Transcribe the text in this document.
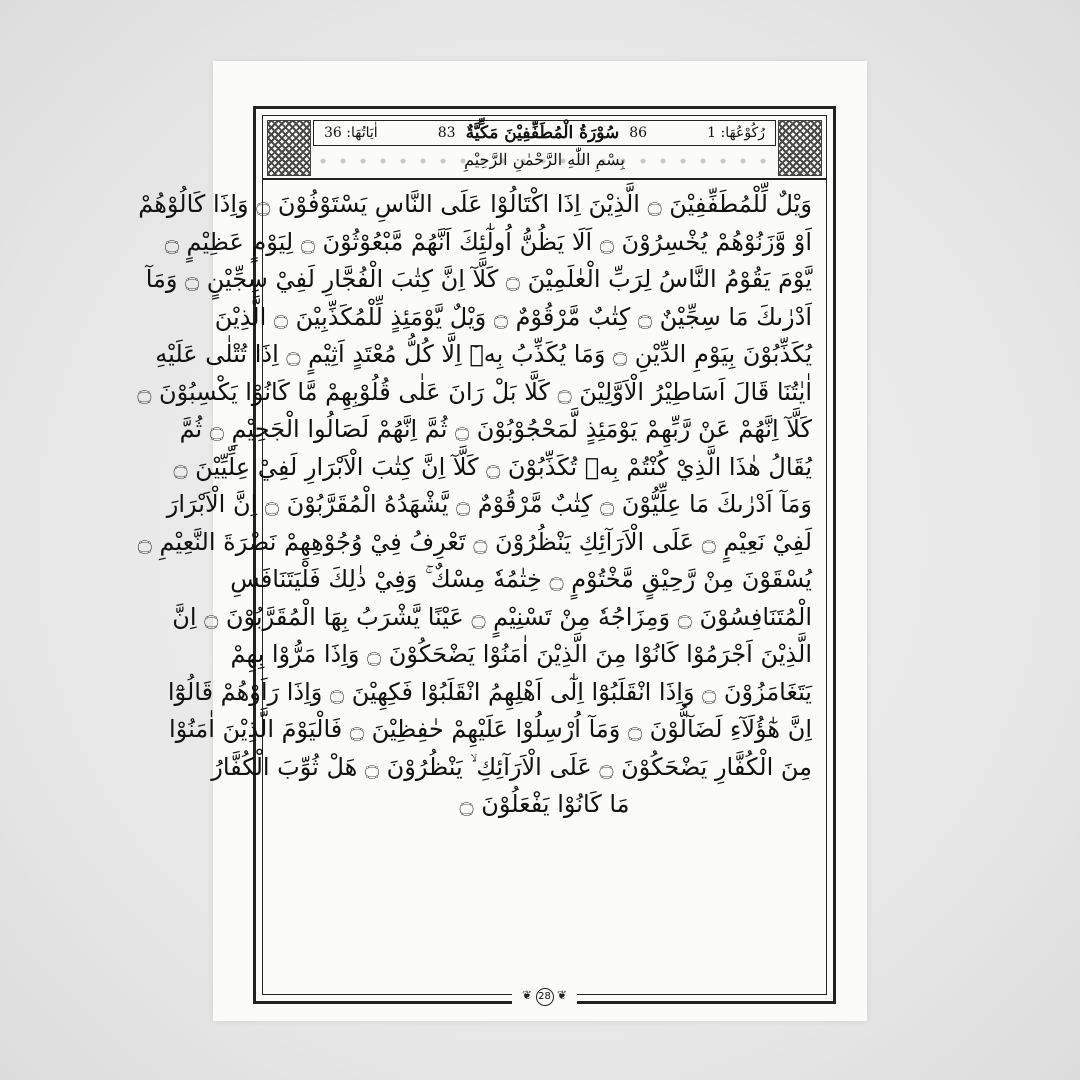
اٰيَاتُهَا: 36	83 سُوْرَةُ الْمُطَفِّفِيْنَ مَكِّيَّةٌ 86	رُكُوْعُهَا: 1
بِسْمِ اللّٰهِ الرَّحْمٰنِ الرَّحِيْمِ
وَيْلٌ لِّلْمُطَفِّفِيْنَ ۝ الَّذِيْنَ اِذَا اكْتَالُوْا عَلَى النَّاسِ يَسْتَوْفُوْنَ ۝ وَاِذَا كَالُوْهُمْ
اَوْ وَّزَنُوْهُمْ يُخْسِرُوْنَ ۝ اَلَا يَظُنُّ اُولٰٓئِكَ اَنَّهُمْ مَّبْعُوْثُوْنَ ۝ لِيَوْمٍ عَظِيْمٍ ۝
يَّوْمَ يَقُوْمُ النَّاسُ لِرَبِّ الْعٰلَمِيْنَ ۝ كَلَّآ اِنَّ كِتٰبَ الْفُجَّارِ لَفِيْ سِجِّيْنٍ ۝ وَمَآ
اَدْرٰىكَ مَا سِجِّيْنٌ ۝ كِتٰبٌ مَّرْقُوْمٌ ۝ وَيْلٌ يَّوْمَئِذٍ لِّلْمُكَذِّبِيْنَ ۝ الَّذِيْنَ
يُكَذِّبُوْنَ بِيَوْمِ الدِّيْنِ ۝ وَمَا يُكَذِّبُ بِهٖٓ اِلَّا كُلُّ مُعْتَدٍ اَثِيْمٍ ۝ اِذَا تُتْلٰى عَلَيْهِ
اٰيٰتُنَا قَالَ اَسَاطِيْرُ الْاَوَّلِيْنَ ۝ كَلَّا بَلْ رَانَ عَلٰى قُلُوْبِهِمْ مَّا كَانُوْا يَكْسِبُوْنَ ۝
كَلَّآ اِنَّهُمْ عَنْ رَّبِّهِمْ يَوْمَئِذٍ لَّمَحْجُوْبُوْنَ ۝ ثُمَّ اِنَّهُمْ لَصَالُوا الْجَحِيْمِ ۝ ثُمَّ
يُقَالُ هٰذَا الَّذِيْ كُنْتُمْ بِهٖ تُكَذِّبُوْنَ ۝ كَلَّآ اِنَّ كِتٰبَ الْاَبْرَارِ لَفِيْ عِلِّيِّيْنَ ۝
وَمَآ اَدْرٰىكَ مَا عِلِّيُّوْنَ ۝ كِتٰبٌ مَّرْقُوْمٌ ۝ يَّشْهَدُهُ الْمُقَرَّبُوْنَ ۝ اِنَّ الْاَبْرَارَ
لَفِيْ نَعِيْمٍ ۝ عَلَى الْاَرَآئِكِ يَنْظُرُوْنَ ۝ تَعْرِفُ فِيْ وُجُوْهِهِمْ نَضْرَةَ النَّعِيْمِ ۝
يُسْقَوْنَ مِنْ رَّحِيْقٍ مَّخْتُوْمٍ ۝ خِتٰمُهٗ مِسْكٌ ۚ وَفِيْ ذٰلِكَ فَلْيَتَنَافَسِ
الْمُتَنَافِسُوْنَ ۝ وَمِزَاجُهٗ مِنْ تَسْنِيْمٍ ۝ عَيْنًا يَّشْرَبُ بِهَا الْمُقَرَّبُوْنَ ۝ اِنَّ
الَّذِيْنَ اَجْرَمُوْا كَانُوْا مِنَ الَّذِيْنَ اٰمَنُوْا يَضْحَكُوْنَ ۝ وَاِذَا مَرُّوْا بِهِمْ
يَتَغَامَزُوْنَ ۝ وَاِذَا انْقَلَبُوْٓا اِلٰٓى اَهْلِهِمُ انْقَلَبُوْا فَكِهِيْنَ ۝ وَاِذَا رَاَوْهُمْ قَالُوْٓا
اِنَّ هٰٓؤُلَآءِ لَضَآلُّوْنَ ۝ وَمَآ اُرْسِلُوْا عَلَيْهِمْ حٰفِظِيْنَ ۝ فَالْيَوْمَ الَّذِيْنَ اٰمَنُوْا
مِنَ الْكُفَّارِ يَضْحَكُوْنَ ۝ عَلَى الْاَرَآئِكِ ۙ يَنْظُرُوْنَ ۝ هَلْ ثُوِّبَ الْكُفَّارُ
مَا كَانُوْا يَفْعَلُوْنَ ۝
❦ 28 ❦
